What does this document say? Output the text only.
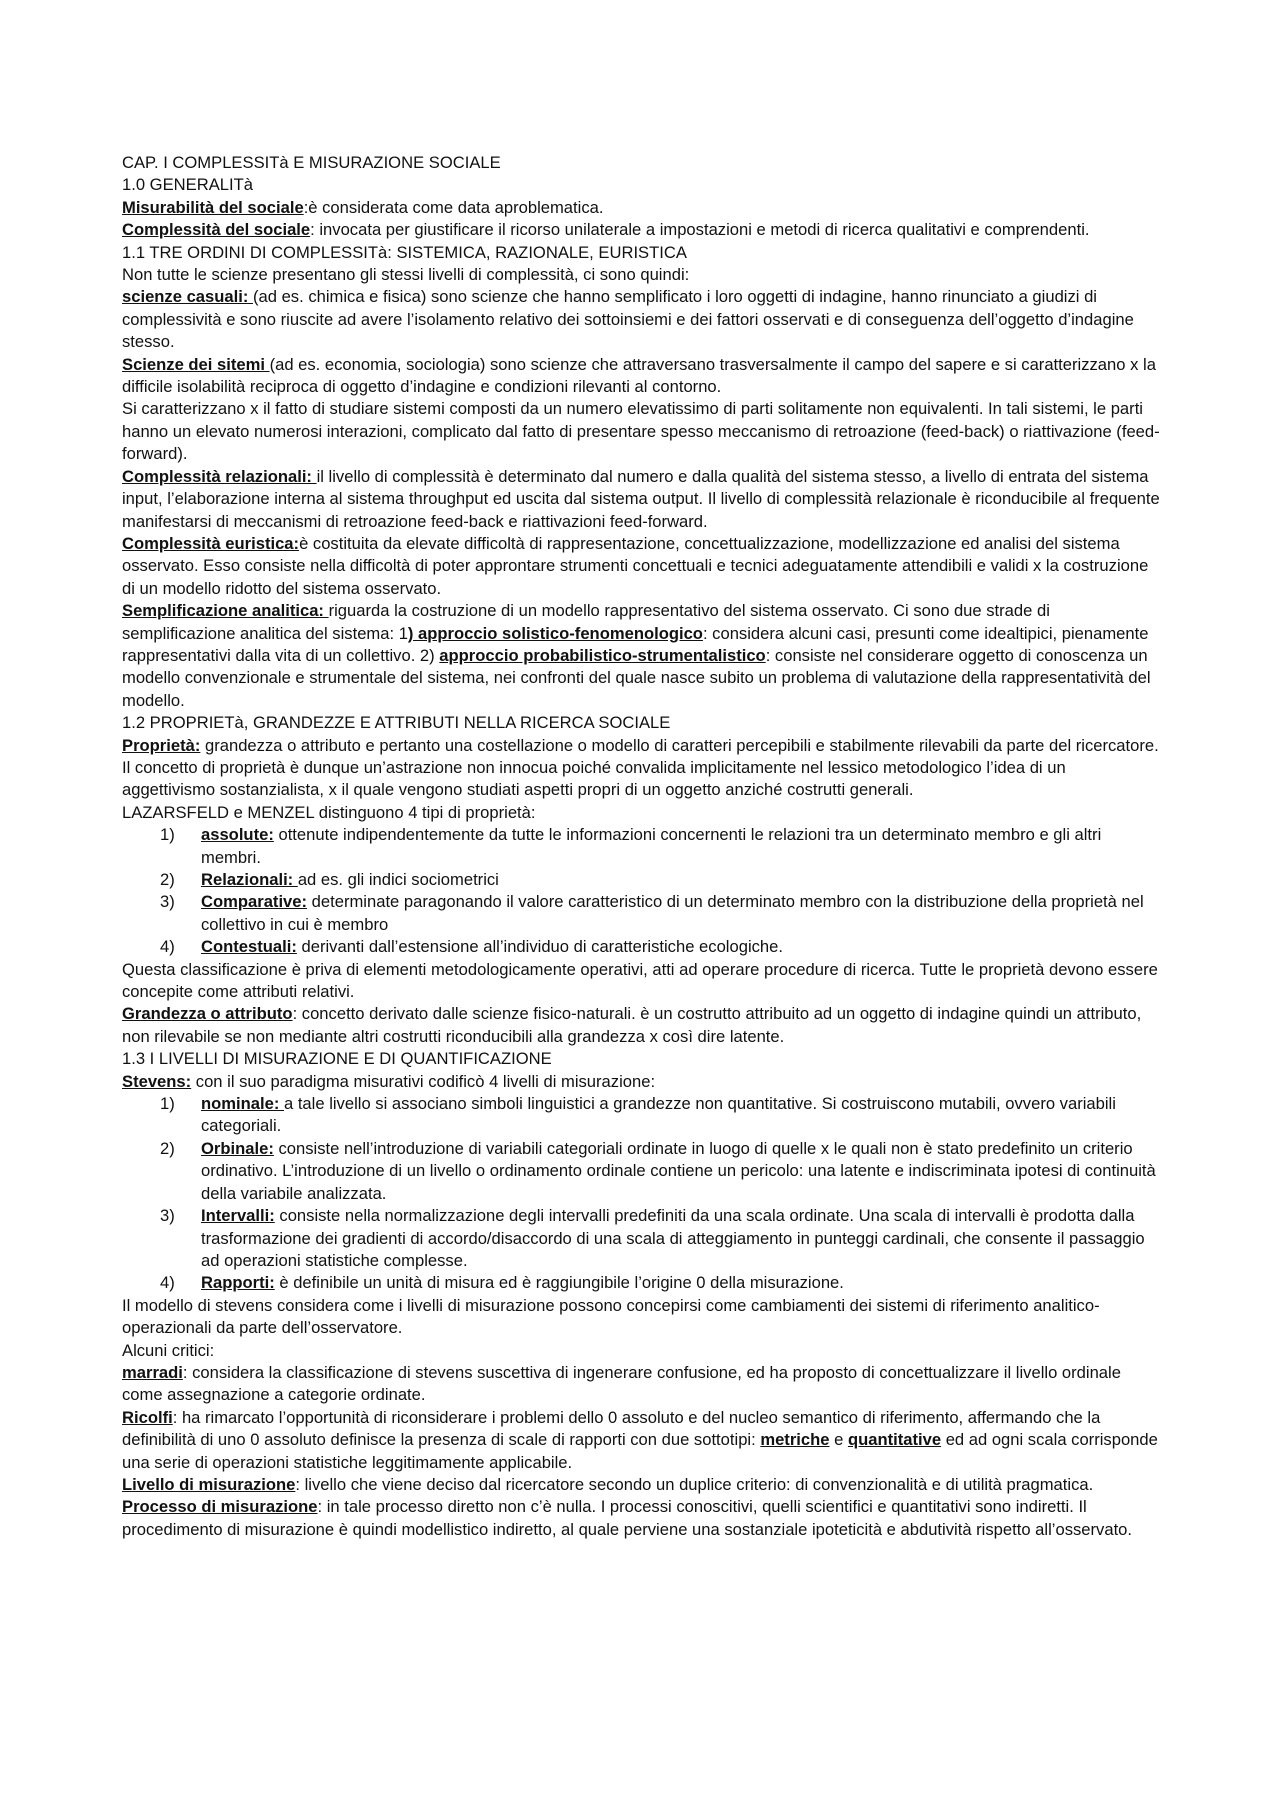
CAP. I COMPLESSITà E MISURAZIONE SOCIALE

1.0 GENERALITà

Misurabilità del sociale:è considerata come data aproblematica.

Complessità del sociale: invocata per giustificare il ricorso unilaterale a impostazioni e metodi di ricerca qualitativi e comprendenti.

1.1 TRE ORDINI DI COMPLESSITà: SISTEMICA, RAZIONALE, EURISTICA

Non tutte le scienze presentano gli stessi livelli di complessità, ci sono quindi:

scienze casuali: (ad es. chimica e fisica) sono scienze che hanno semplificato i loro oggetti di indagine, hanno rinunciato a giudizi di complessività e sono riuscite ad avere l’isolamento relativo dei sottoinsiemi e dei fattori osservati e di conseguenza dell’oggetto d’indagine stesso.

Scienze dei sitemi (ad es. economia, sociologia) sono scienze che attraversano trasversalmente il campo del sapere e si caratterizzano x la difficile isolabilità reciproca di oggetto d’indagine e condizioni rilevanti al contorno.

Si caratterizzano x il fatto di studiare sistemi composti da un numero elevatissimo di parti solitamente non equivalenti. In tali sistemi, le parti hanno un elevato numerosi interazioni, complicato dal fatto di presentare spesso meccanismo di retroazione (feed-back) o riattivazione (feed-forward).

Complessità relazionali: il livello di complessità è determinato dal numero e dalla qualità del sistema stesso, a livello di entrata del sistema input, l’elaborazione interna al sistema throughput ed uscita dal sistema output. Il livello di complessità relazionale è riconducibile al frequente manifestarsi di meccanismi di retroazione feed-back e riattivazioni feed-forward.

Complessità euristica:è costituita da elevate difficoltà di rappresentazione, concettualizzazione, modellizzazione ed analisi del sistema osservato. Esso consiste nella difficoltà di poter approntare strumenti concettuali e tecnici adeguatamente attendibili e validi x la costruzione di un modello ridotto del sistema osservato.

Semplificazione analitica: riguarda la costruzione di un modello rappresentativo del sistema osservato. Ci sono due strade di semplificazione analitica del sistema: 1) approccio solistico-fenomenologico: considera alcuni casi, presunti come idealtipici, pienamente rappresentativi dalla vita di un collettivo. 2) approccio probabilistico-strumentalistico: consiste nel considerare oggetto di conoscenza un modello convenzionale e strumentale del sistema, nei confronti del quale nasce subito un problema di valutazione della rappresentatività del modello.

1.2 PROPRIETà, GRANDEZZE E ATTRIBUTI NELLA RICERCA SOCIALE

Proprietà: grandezza o attributo e pertanto una costellazione o modello di caratteri percepibili e stabilmente rilevabili da parte del ricercatore. Il concetto di proprietà è dunque un’astrazione non innocua poiché convalida implicitamente nel lessico metodologico l’idea di un aggettivismo sostanzialista, x il quale vengono studiati aspetti propri di un oggetto anziché costrutti generali.

LAZARSFELD e MENZEL distinguono 4 tipi di proprietà:

1) assolute: ottenute indipendentemente da tutte le informazioni concernenti le relazioni tra un determinato membro e gli altri membri.
2) Relazionali: ad es. gli indici sociometrici
3) Comparative: determinate paragonando il valore caratteristico di un determinato membro con la distribuzione della proprietà nel collettivo in cui è membro
4) Contestuali: derivanti dall’estensione all’individuo di caratteristiche ecologiche.

Questa classificazione è priva di elementi metodologicamente operativi, atti ad operare procedure di ricerca. Tutte le proprietà devono essere concepite come attributi relativi.

Grandezza o attributo: concetto derivato dalle scienze fisico-naturali. è un costrutto attribuito ad un oggetto di indagine quindi un attributo, non rilevabile se non mediante altri costrutti riconducibili alla grandezza x così dire latente.

1.3 I LIVELLI DI MISURAZIONE E DI QUANTIFICAZIONE

Stevens: con il suo paradigma misurativi codificò 4 livelli di misurazione:

1) nominale: a tale livello si associano simboli linguistici a grandezze non quantitative. Si costruiscono mutabili, ovvero variabili categoriali.
2) Orbinale: consiste nell’introduzione di variabili categoriali ordinate in luogo di quelle x le quali non è stato predefinito un criterio ordinativo. L’introduzione di un livello o ordinamento ordinale contiene un pericolo: una latente e indiscriminata ipotesi di continuità della variabile analizzata.
3) Intervalli: consiste nella normalizzazione degli intervalli predefiniti da una scala ordinate. Una scala di intervalli è prodotta dalla trasformazione dei gradienti di accordo/disaccordo di una scala di atteggiamento in punteggi cardinali, che consente il passaggio ad operazioni statistiche complesse.
4) Rapporti: è definibile un unità di misura ed è raggiungibile l’origine 0 della misurazione.

Il modello di stevens considera come i livelli di misurazione possono concepirsi come cambiamenti dei sistemi di riferimento analitico-operazionali da parte dell’osservatore.

Alcuni critici:

marradi: considera la classificazione di stevens suscettiva di ingenerare confusione, ed ha proposto di concettualizzare il livello ordinale come assegnazione a categorie ordinate.

Ricolfi: ha rimarcato l’opportunità di riconsiderare i problemi dello 0 assoluto e del nucleo semantico di riferimento, affermando che la definibilità di uno 0 assoluto definisce la presenza di scale di rapporti con due sottotipi: metriche e quantitative ed ad ogni scala corrisponde una serie di operazioni statistiche leggitimamente applicabile.

Livello di misurazione: livello che viene deciso dal ricercatore secondo un duplice criterio: di convenzionalità e di utilità pragmatica.

Processo di misurazione: in tale processo diretto non c’è nulla. I processi conoscitivi, quelli scientifici e quantitativi sono indiretti. Il procedimento di misurazione è quindi modellistico indiretto, al quale perviene una sostanziale ipoteticità e abdutività rispetto all’osservato.
